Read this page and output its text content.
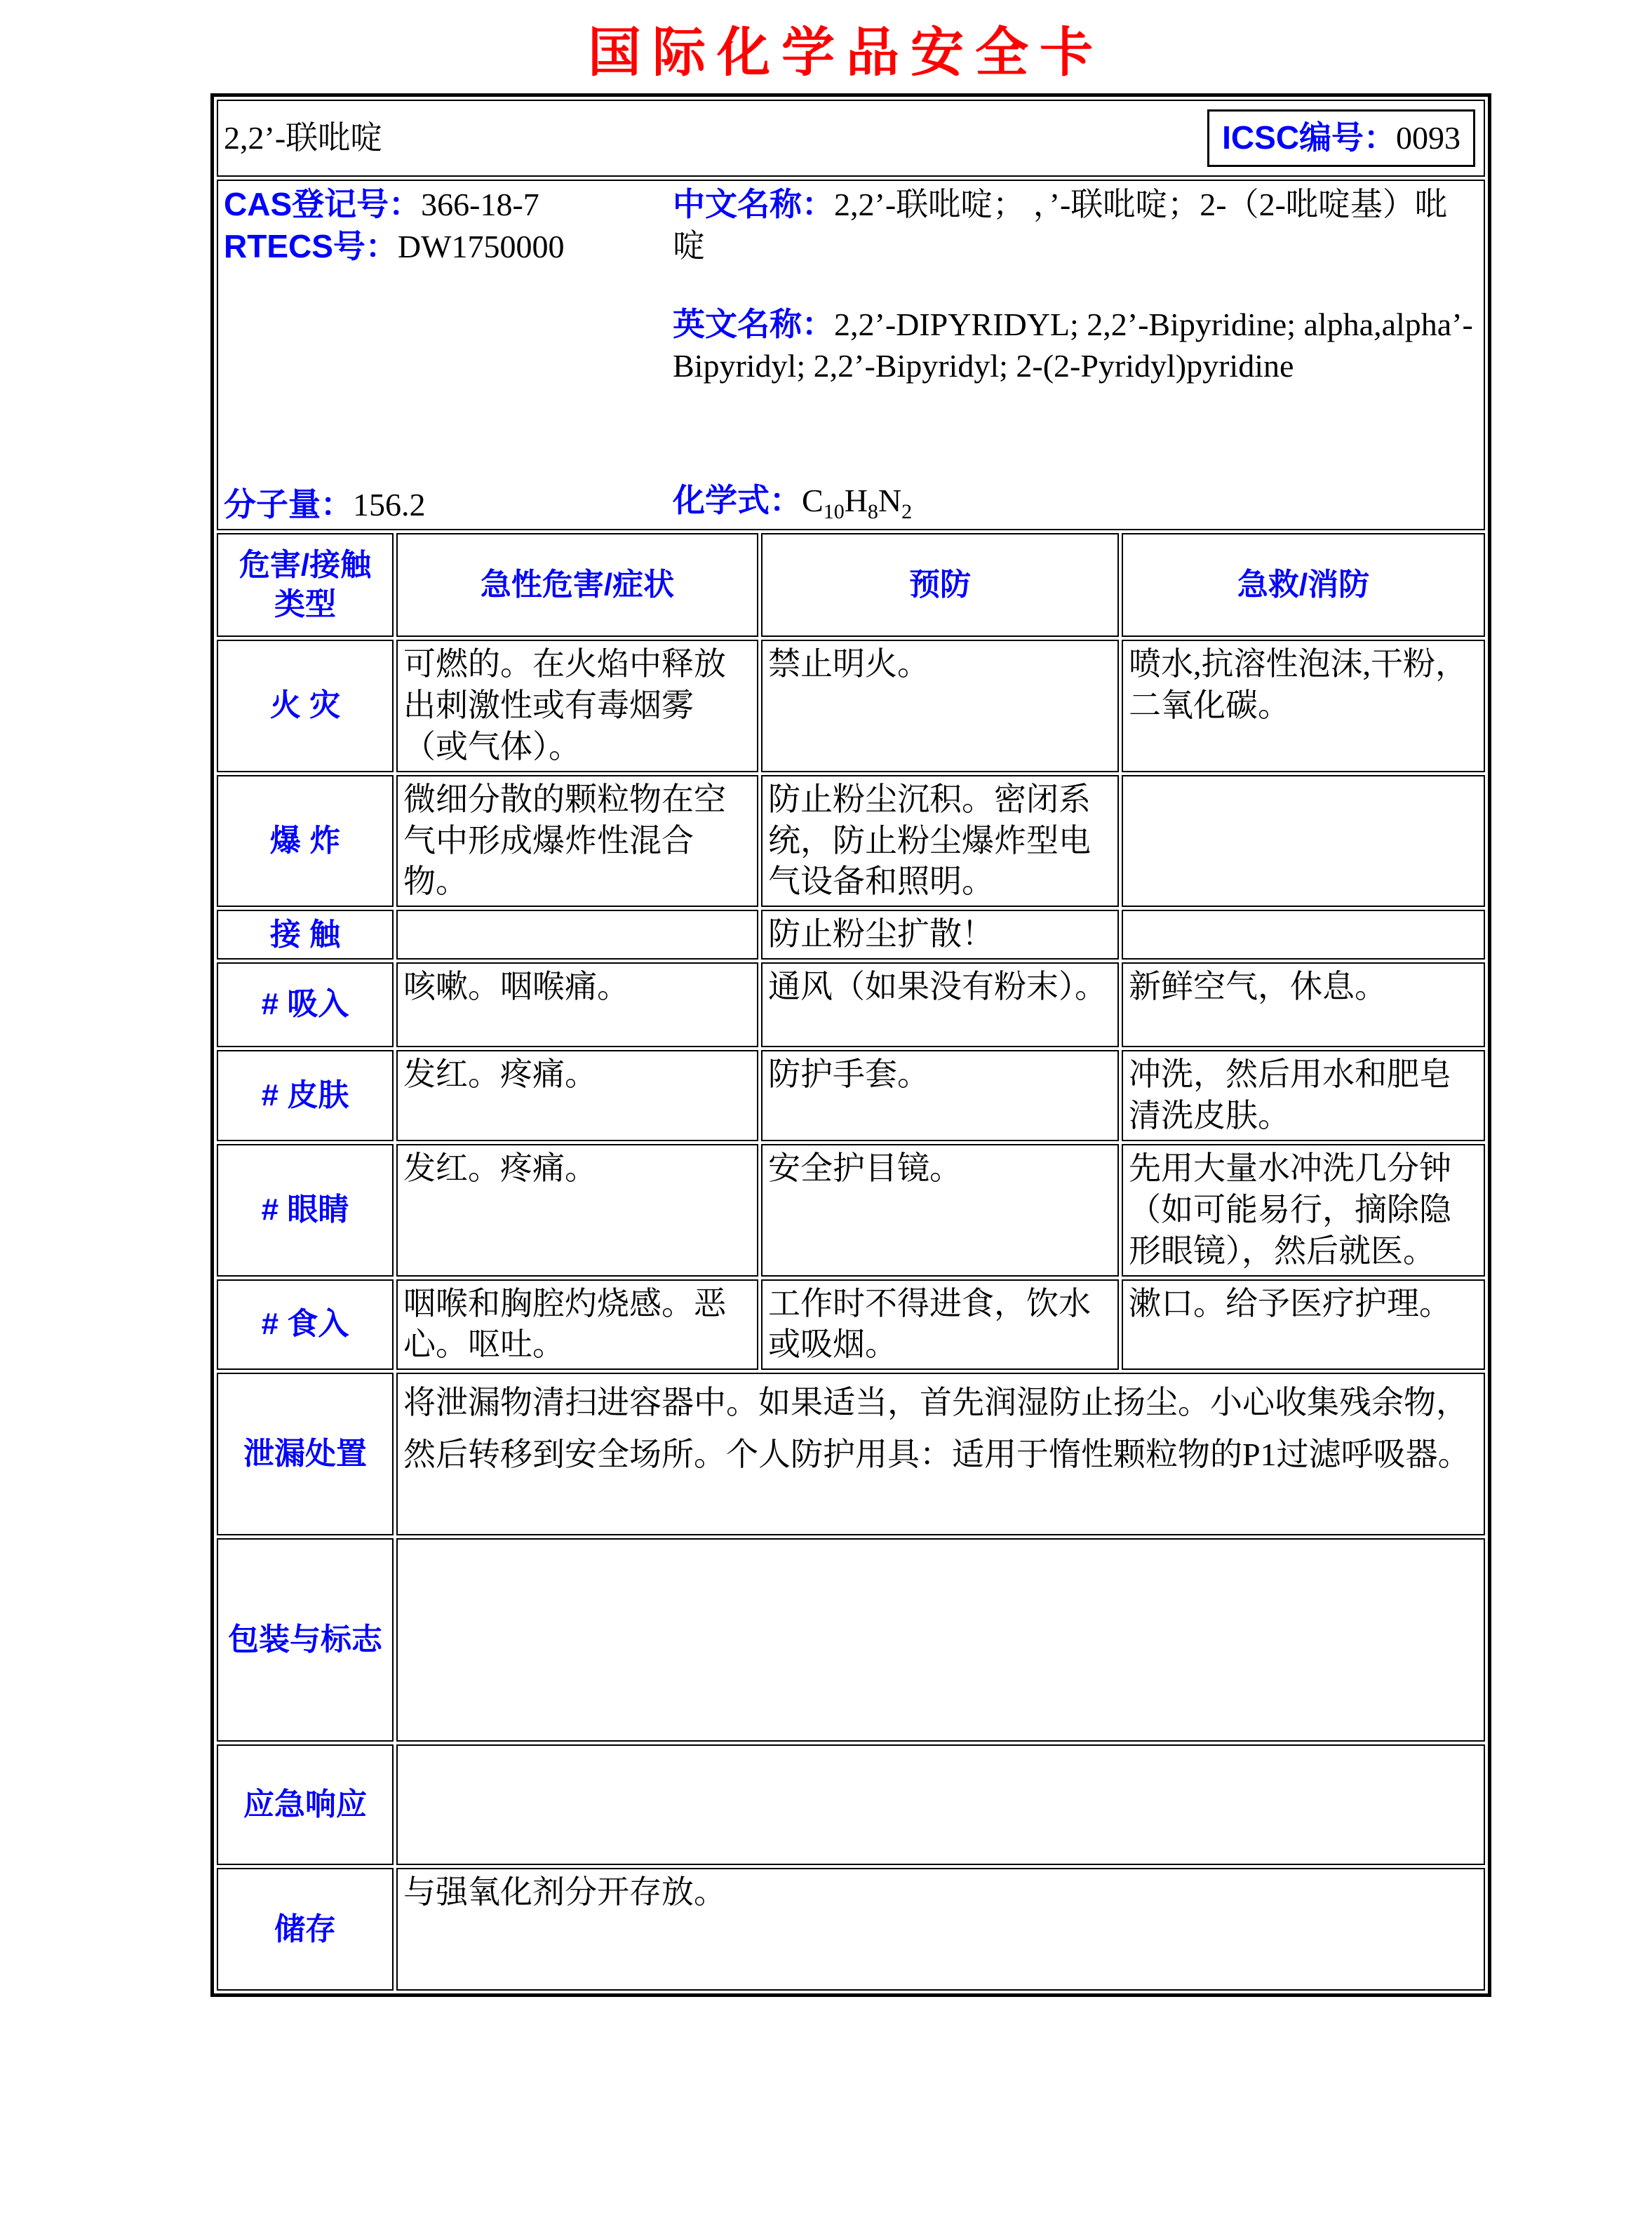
国际化学品安全卡
2,2’-联吡啶 ICSC编号：0093			

CAS登记号：366-18-7

RTECS号：DW1750000

分子量：156.2

中文名称：2,2’-联吡啶； ，’-联吡啶；2-（2-吡啶基）吡啶

英文名称：2,2’-DIPYRIDYL; 2,2’-Bipyridine; alpha,alpha’-Bipyridyl; 2,2’-Bipyridyl; 2-(2-Pyridyl)pyridine

化学式：$C_{10}H_8N_2$

危害/接触类型	急性危害/症状	预防	急救/消防
火 灾	可燃的。在火焰中释放出刺激性或有毒烟雾（或气体）。	禁止明火。	喷水,抗溶性泡沫,干粉，二氧化碳。
爆 炸	微细分散的颗粒物在空气中形成爆炸性混合物。	防止粉尘沉积。密闭系统，防止粉尘爆炸型电气设备和照明。	
接 触		防止粉尘扩散！	
# 吸入	咳嗽。咽喉痛。	通风（如果没有粉末）。	新鲜空气，休息。
# 皮肤	发红。疼痛。	防护手套。	冲洗，然后用水和肥皂清洗皮肤。
# 眼睛	发红。疼痛。	安全护目镜。	先用大量水冲洗几分钟（如可能易行，摘除隐形眼镜），然后就医。
# 食入	咽喉和胸腔灼烧感。恶心。呕吐。	工作时不得进食，饮水或吸烟。	漱口。给予医疗护理。
泄漏处置	将泄漏物清扫进容器中。如果适当，首先润湿防止扬尘。小心收集残余物，然后转移到安全场所。个人防护用具：适用于惰性颗粒物的P1过滤呼吸器。		
包装与标志			
应急响应			
储存	与强氧化剂分开存放。		
